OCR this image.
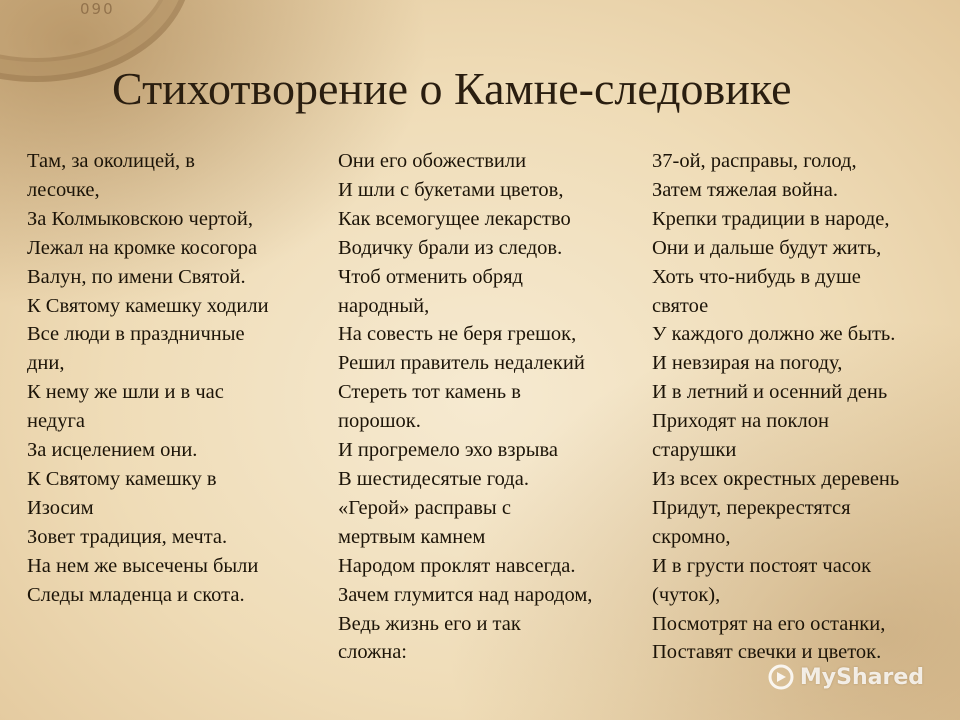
090
Стихотворение о Камне-следовике
Там, за околицей, в
лесочке,
За Колмыковскою чертой,
Лежал на кромке косогора
Валун, по имени Святой.
К Святому камешку ходили
Все люди в праздничные
дни,
К нему же шли и в час
недуга
За исцелением они.
К Святому камешку в
Изосим
Зовет традиция, мечта.
На нем же высечены были
Следы младенца и скота.
Они его обожествили
И шли с букетами цветов,
Как всемогущее лекарство
Водичку брали из следов.
Чтоб отменить обряд
народный,
На совесть не беря грешок,
Решил правитель недалекий
Стереть тот камень в
порошок.
И прогремело эхо взрыва
В шестидесятые года.
«Герой» расправы с
мертвым камнем
Народом проклят навсегда.
Зачем глумится над народом,
Ведь жизнь его и так
сложна:
37-ой, расправы, голод,
Затем тяжелая война.
Крепки традиции в народе,
Они и дальше будут жить,
Хоть что-нибудь в душе
святое
У каждого должно же быть.
И невзирая на погоду,
И в летний и осенний день
Приходят на поклон
старушки
Из всех окрестных деревень
Придут, перекрестятся
скромно,
И в грусти постоят часок
(чуток),
Посмотрят на его останки,
Поставят свечки и цветок.
MyShared
